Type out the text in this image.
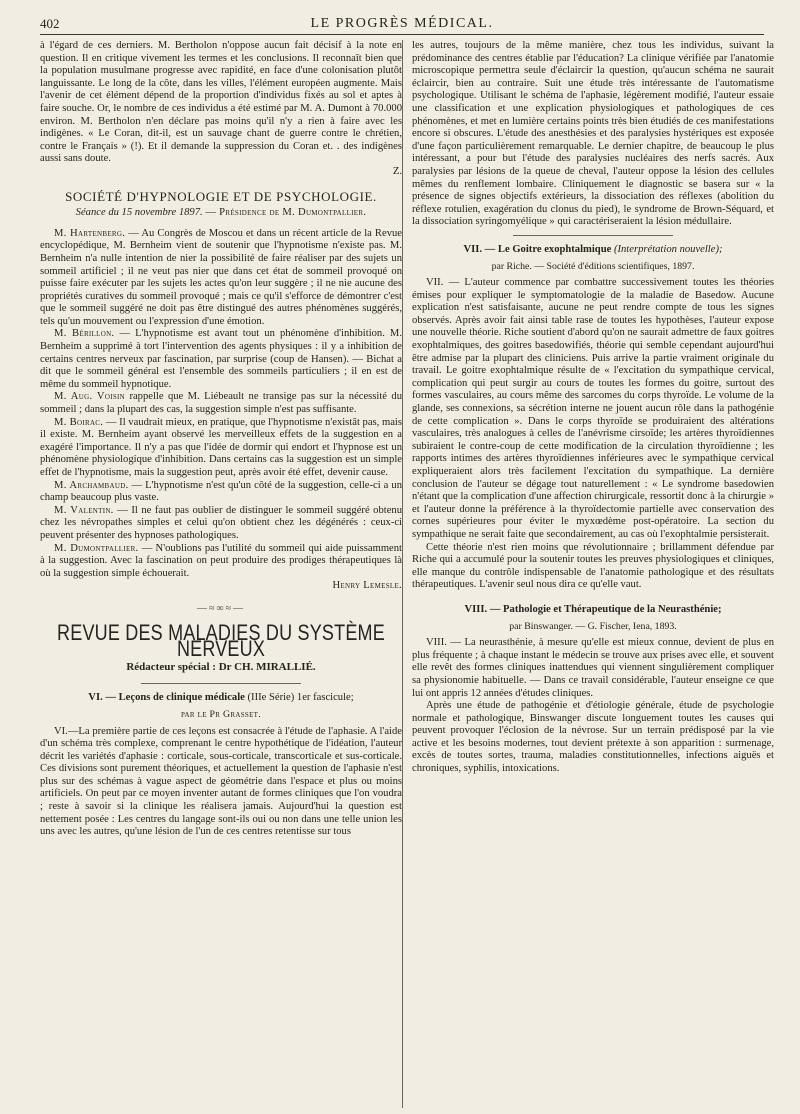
402	LE PROGRÈS MÉDICAL.

à l'égard de ces derniers. M. Bertholon n'oppose aucun fait décisif à la note en question. Il en critique vivement les termes et les conclusions. Il reconnaît bien que la population musulmane progresse avec rapidité, en face d'une colonisation plutôt languissante. Le long de la côte, dans les villes, l'élément européen augmente. Mais l'avenir de cet élément dépend de la proportion d'individus fixés au sol et aptes à faire souche. Or, le nombre de ces individus a été estimé par M. A. Dumont à 70.000 environ. M. Bertholon n'en déclare pas moins qu'il n'y a rien à faire avec les indigènes. « Le Coran, dit-il, est un sauvage chant de guerre contre le chrétien, contre le Français » (!). Et il demande la suppression du Coran et. . des indigènes aussi sans doute.
Z.

SOCIÉTÉ D'HYPNOLOGIE ET DE PSYCHOLOGIE.
Séance du 15 novembre 1897. — Présidence de M. Dumontpallier.

M. Hartenberg. — Au Congrès de Moscou et dans un récent article de la Revue encyclopédique, M. Bernheim vient de soutenir que l'hypnotisme n'existe pas. M. Bernheim n'a nulle intention de nier la possibilité de faire réaliser par des sujets un sommeil artificiel ; il ne veut pas nier que dans cet état de sommeil provoqué on puisse faire exécuter par les sujets les actes qu'on leur suggère ; il ne nie aucune des propriétés curatives du sommeil provoqué ; mais ce qu'il s'efforce de démontrer c'est que le sommeil suggéré ne doit pas être distingué des autres phénomènes suggérés, tels qu'un mouvement ou l'expression d'une émotion.

M. Bérillon. — L'hypnotisme est avant tout un phénomène d'inhibition. M. Bernheim a supprimé à tort l'intervention des agents physiques : il y a inhibition de certains centres nerveux par fascination, par surprise (coup de Hansen). — Bichat a dit que le sommeil général est l'ensemble des sommeils particuliers ; il en est de même du sommeil hypnotique.

M. Aug. Voisin rappelle que M. Liébeault ne transige pas sur la nécessité du sommeil ; dans la plupart des cas, la suggestion simple n'est pas suffisante.

M. Boirac. — Il vaudrait mieux, en pratique, que l'hypnotisme n'existât pas, mais il existe. M. Bernheim ayant observé les merveilleux effets de la suggestion en a exagéré l'importance. Il n'y a pas que l'idée de dormir qui endort et l'hypnose est un phénomène physiologique d'inhibition. Dans certains cas la suggestion est un simple effet de l'hypnotisme, mais la suggestion peut, après avoir été effet, devenir cause.

M. Archambaud. — L'hypnotisme n'est qu'un côté de la suggestion, celle-ci a un champ beaucoup plus vaste.

M. Valentin. — Il ne faut pas oublier de distinguer le sommeil suggéré obtenu chez les névropathes simples et celui qu'on obtient chez les dégénérés : ceux-ci peuvent présenter des hypnoses pathologiques.

M. Dumontpallier. — N'oublions pas l'utilité du sommeil qui aide puissamment à la suggestion. Avec la fascination on peut produire des prodiges thérapeutiques là où la suggestion simple échouerait.
Henry Lemesle.

—≈∞≈—
REVUE DES MALADIES DU SYSTÈME NERVEUX
Rédacteur spécial : Dr CH. MIRALLIÉ.
VI. — Leçons de clinique médicale (IIIe Série) 1er fascicule;
par le Pr Grasset.

VI.—La première partie de ces leçons est consacrée à l'étude de l'aphasie. A l'aide d'un schéma très complexe, comprenant le centre hypothétique de l'idéation, l'auteur décrit les variétés d'aphasie : corticale, sous-corticale, transcorticale et sus-corticale. Ces divisions sont purement théoriques, et actuellement la question de l'aphasie n'est plus sur des schémas à vague aspect de géométrie dans l'espace et plus ou moins artificiels. On peut par ce moyen inventer autant de formes cliniques que l'on voudra ; reste à savoir si la clinique les réalisera jamais. Aujourd'hui la question est nettement posée : Les centres du langage sont-ils oui ou non dans une telle union les uns avec les autres, qu'une lésion de l'un de ces centres retentisse sur tous

les autres, toujours de la même manière, chez tous les individus, suivant la prédominance des centres établie par l'éducation? La clinique vérifiée par l'anatomie microscopique permettra seule d'éclaircir la question, qu'aucun schéma ne saurait éclaircir, bien au contraire. Suit une étude très intéressante de l'automatisme psychologique. Utilisant le schéma de l'aphasie, légèrement modifié, l'auteur essaie une classification et une explication physiologiques et pathologiques de ces phénomènes, et met en lumière certains points très bien étudiés de ces manifestations encore si obscures. L'étude des anesthésies et des paralysies hystériques est exposée d'une façon particulièrement remarquable. Le dernier chapitre, de beaucoup le plus intéressant, a pour but l'étude des paralysies nucléaires des nerfs sacrés. Aux paralysies par lésions de la queue de cheval, l'auteur oppose la lésion des cellules mêmes du renflement lombaire. Cliniquement le diagnostic se basera sur « la présence de signes objectifs extérieurs, la dissociation des réflexes (abolition du réflexe rotulien, exagération du clonus du pied), le syndrome de Brown-Séquard, et la dissociation syringomyélique » qui caractériseraient la lésion médullaire.

VII. — Le Goitre exophtalmique (Interprétation nouvelle);
par Riche. — Société d'éditions scientifiques, 1897.

VII. — L'auteur commence par combattre successivement toutes les théories émises pour expliquer le symptomatologie de la maladie de Basedow. Aucune explication n'est satisfaisante, aucune ne peut rendre compte de tous les signes observés. Après avoir fait ainsi table rase de toutes les hypothèses, l'auteur expose une nouvelle théorie. Riche soutient d'abord qu'on ne saurait admettre de faux goitres exophtalmiques, des goitres basedowifiés, théorie qui semble cependant aujourd'hui être admise par la plupart des cliniciens. Puis arrive la partie vraiment originale du travail. Le goitre exophtalmique résulte de « l'excitation du sympathique cervical, complication qui peut surgir au cours de toutes les formes du goitre, surtout des formes vasculaires, au cours même des sarcomes du corps thyroïde. Le volume de la glande, ses connexions, sa sécrétion interne ne jouent aucun rôle dans la pathogénie de cette complication ». Dans le corps thyroïde se produiraient des altérations vasculaires, très analogues à celles de l'anévrisme cirsoïde; les artères thyroïdiennes subiraient le contre-coup de cette modification de la circulation thyroïdienne ; les rapports intimes des artères thyroïdiennes inférieures avec le sympathique cervical expliqueraient alors très facilement l'excitation du sympathique. La dernière conclusion de l'auteur se dégage tout naturellement : « Le syndrome basedowien n'étant que la complication d'une affection chirurgicale, ressortit donc à la chirurgie » et l'auteur donne la préférence à la thyroïdectomie partielle avec conservation des cornes supérieures pour éviter le myxœdème post-opératoire. La section du sympathique ne serait faite que secondairement, au cas où l'exophtalmie persisterait.

Cette théorie n'est rien moins que révolutionnaire ; brillamment défendue par Riche qui a accumulé pour la soutenir toutes les preuves physiologiques et cliniques, elle manque du contrôle indispensable de l'anatomie pathologique et des résultats thérapeutiques. L'avenir seul nous dira ce qu'elle vaut.

VIII. — Pathologie et Thérapeutique de la Neurasthénie;
par Binswanger. — G. Fischer, Iena, 1893.

VIII. — La neurasthénie, à mesure qu'elle est mieux connue, devient de plus en plus fréquente ; à chaque instant le médecin se trouve aux prises avec elle, et souvent elle revêt des formes cliniques inattendues qui viennent singulièrement compliquer sa physionomie habituelle. — Dans ce travail considérable, l'auteur enseigne ce que lui ont appris 12 années d'études cliniques.

Après une étude de pathogénie et d'étiologie générale, étude de psychologie normale et pathologique, Binswanger discute longuement toutes les causes qui peuvent provoquer l'éclosion de la névrose. Sur un terrain prédisposé par la vie active et les besoins modernes, tout devient prétexte à son apparition : surmenage, excès de toutes sortes, trauma, maladies constitutionnelles, infections aiguës et chroniques, syphilis, intoxications.
